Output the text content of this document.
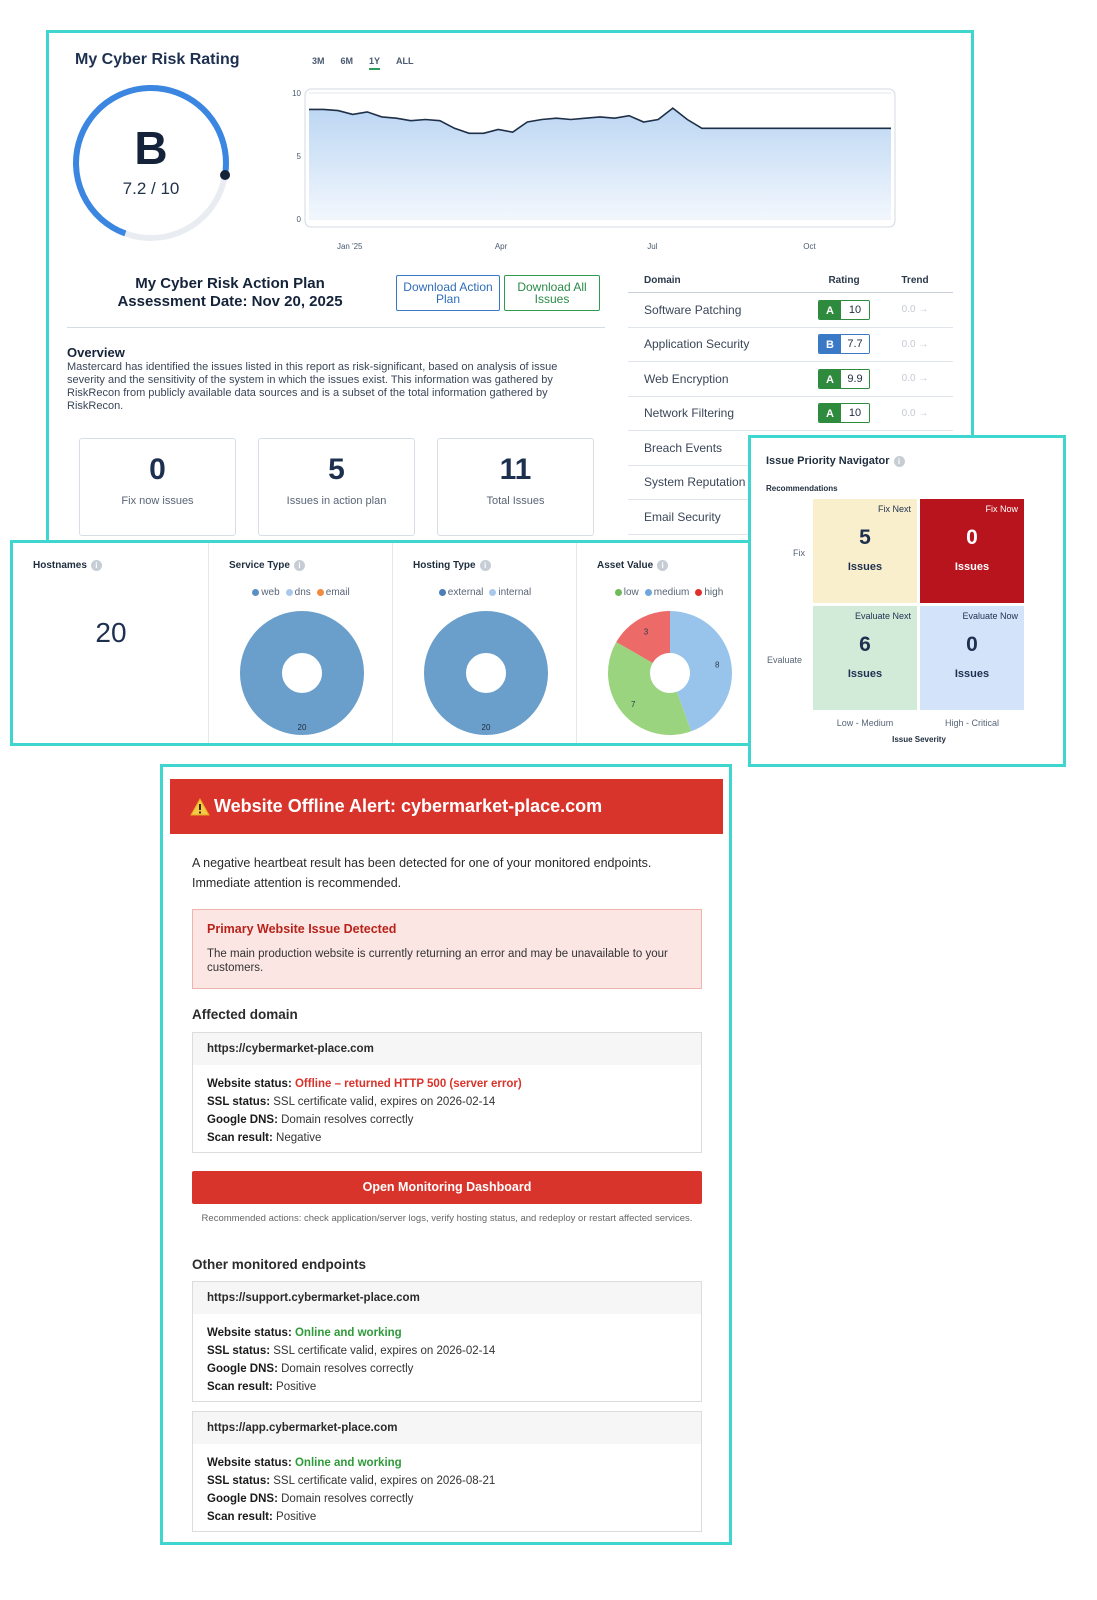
My Cyber Risk Rating
B
7.2 / 10
3M 6M 1Y ALL
0
5
10
Jan '25	Apr	Jul	Oct
My Cyber Risk Action Plan
Assessment Date: Nov 20, 2025
Download Action Plan
Download All Issues
Overview
Mastercard has identified the issues listed in this report as risk-significant, based on analysis of issue severity and the sensitivity of the system in which the issues exist. This information was gathered by RiskRecon from publicly available data sources and is a subset of the total information gathered by RiskRecon.
0
Fix now issues
5
Issues in action plan
11
Total Issues
Domain	Rating	Trend
Software Patching	A	10	0.0 →
Application Security	B	7.7	0.0 →
Web Encryption	A	9.9	0.0 →
Network Filtering	A	10	0.0 →
Breach Events
System Reputation
Email Security
Hostnames	i
20
Service Type	i
web dns email
20
Hosting Type	i
external internal
20
Asset Value	i
low medium high
8
7
3
Issue Priority Navigator	i
Recommendations
Fix
Evaluate
Fix Next
5
Issues
Fix Now
0
Issues
Evaluate Next
6
Issues
Evaluate Now
0
Issues
Low - Medium	High - Critical
Issue Severity
Website Offline Alert: cybermarket-place.com
A negative heartbeat result has been detected for one of your monitored endpoints. Immediate attention is recommended.
Primary Website Issue Detected
The main production website is currently returning an error and may be unavailable to your customers.
Affected domain
https://cybermarket-place.com
Website status: Offline – returned HTTP 500 (server error)
SSL status: SSL certificate valid, expires on 2026-02-14
Google DNS: Domain resolves correctly
Scan result: Negative
Open Monitoring Dashboard
Recommended actions: check application/server logs, verify hosting status, and redeploy or restart affected services.
Other monitored endpoints
https://support.cybermarket-place.com
Website status: Online and working
SSL status: SSL certificate valid, expires on 2026-02-14
Google DNS: Domain resolves correctly
Scan result: Positive
https://app.cybermarket-place.com
Website status: Online and working
SSL status: SSL certificate valid, expires on 2026-08-21
Google DNS: Domain resolves correctly
Scan result: Positive
